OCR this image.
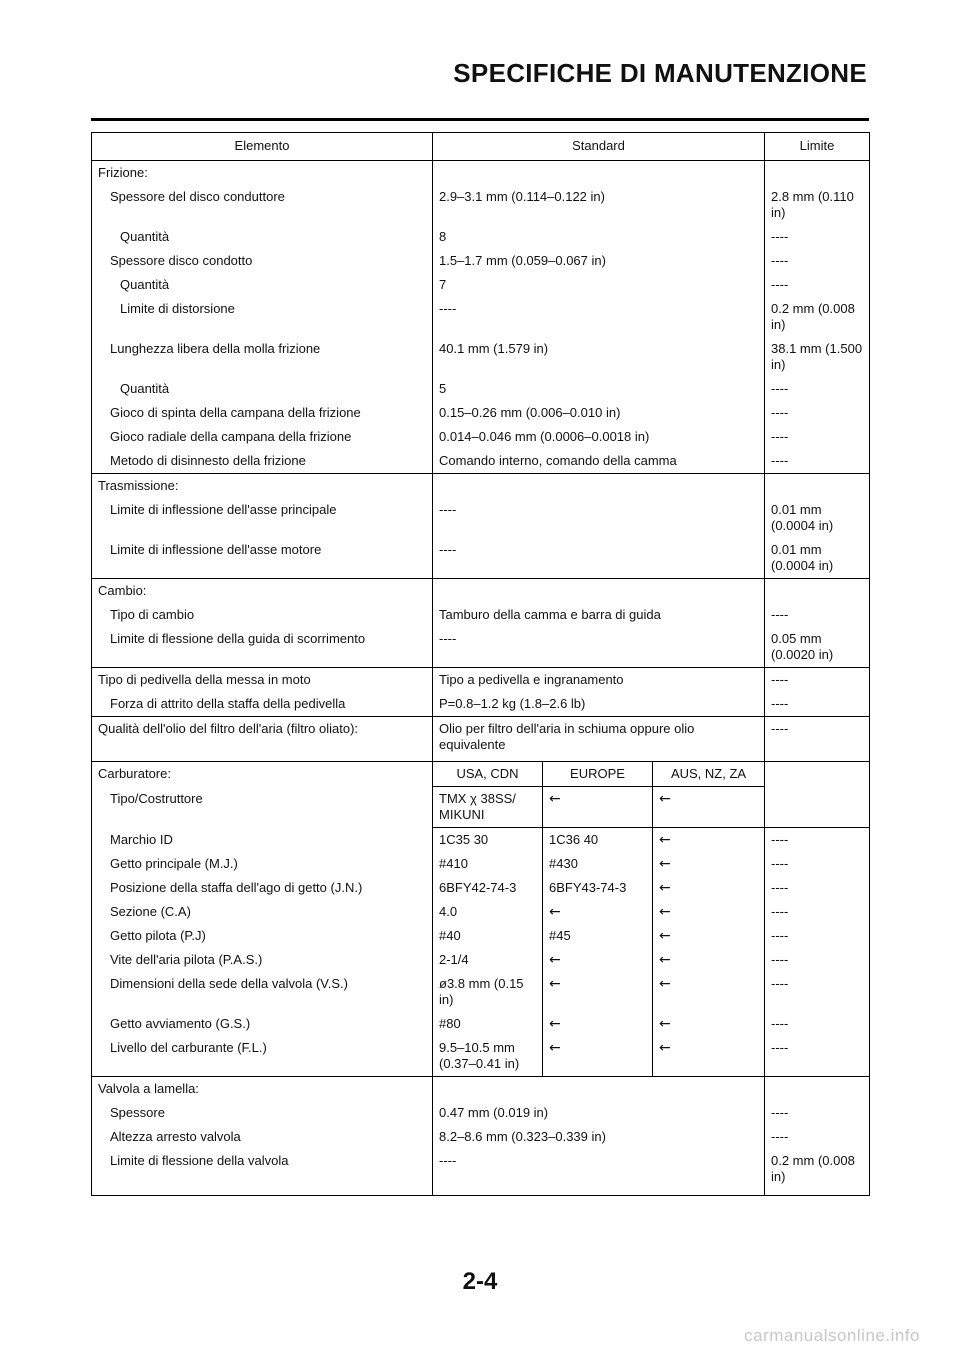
SPECIFICHE DI MANUTENZIONE
Elemento	Standard			Limite
Frizione:				
Spessore del disco conduttore	2.9–3.1 mm (0.114–0.122 in)			2.8 mm (0.110 in)
Quantità	8			----
Spessore disco condotto	1.5–1.7 mm (0.059–0.067 in)			----
Quantità	7			----
Limite di distorsione	----			0.2 mm (0.008 in)
Lunghezza libera della molla frizione	40.1 mm (1.579 in)			38.1 mm (1.500 in)
Quantità	5			----
Gioco di spinta della campana della frizione	0.15–0.26 mm (0.006–0.010 in)			----
Gioco radiale della campana della frizione	0.014–0.046 mm (0.0006–0.0018 in)			----
Metodo di disinnesto della frizione	Comando interno, comando della camma			----
Trasmissione:				
Limite di inflessione dell'asse principale	----			0.01 mm (0.0004 in)
Limite di inflessione dell'asse motore	----			0.01 mm (0.0004 in)
Cambio:				
Tipo di cambio	Tamburo della camma e barra di guida			----
Limite di flessione della guida di scorrimento	----			0.05 mm (0.0020 in)
Tipo di pedivella della messa in moto	Tipo a pedivella e ingranamento			----
Forza di attrito della staffa della pedivella	P=0.8–1.2 kg (1.8–2.6 lb)			----
Qualità dell'olio del filtro dell'aria (filtro oliato):	Olio per filtro dell'aria in schiuma oppure olio equivalente			----
Carburatore:	USA, CDN	EUROPE	AUS, NZ, ZA	
Tipo/Costruttore	TMX χ 38SS/ MIKUNI	←	←	
Marchio ID	1C35 30	1C36 40	←	----
Getto principale (M.J.)	#410	#430	←	----
Posizione della staffa dell'ago di getto (J.N.)	6BFY42-74-3	6BFY43-74-3	←	----
Sezione (C.A)	4.0	←	←	----
Getto pilota (P.J)	#40	#45	←	----
Vite dell'aria pilota (P.A.S.)	2-1/4	←	←	----
Dimensioni della sede della valvola (V.S.)	ø3.8 mm (0.15 in)	←	←	----
Getto avviamento (G.S.)	#80	←	←	----
Livello del carburante (F.L.)	9.5–10.5 mm (0.37–0.41 in)	←	←	----
Valvola a lamella:				
Spessore	0.47 mm (0.019 in)			----
Altezza arresto valvola	8.2–8.6 mm (0.323–0.339 in)			----
Limite di flessione della valvola	----			0.2 mm (0.008 in)
2-4
carmanualsonline.info
